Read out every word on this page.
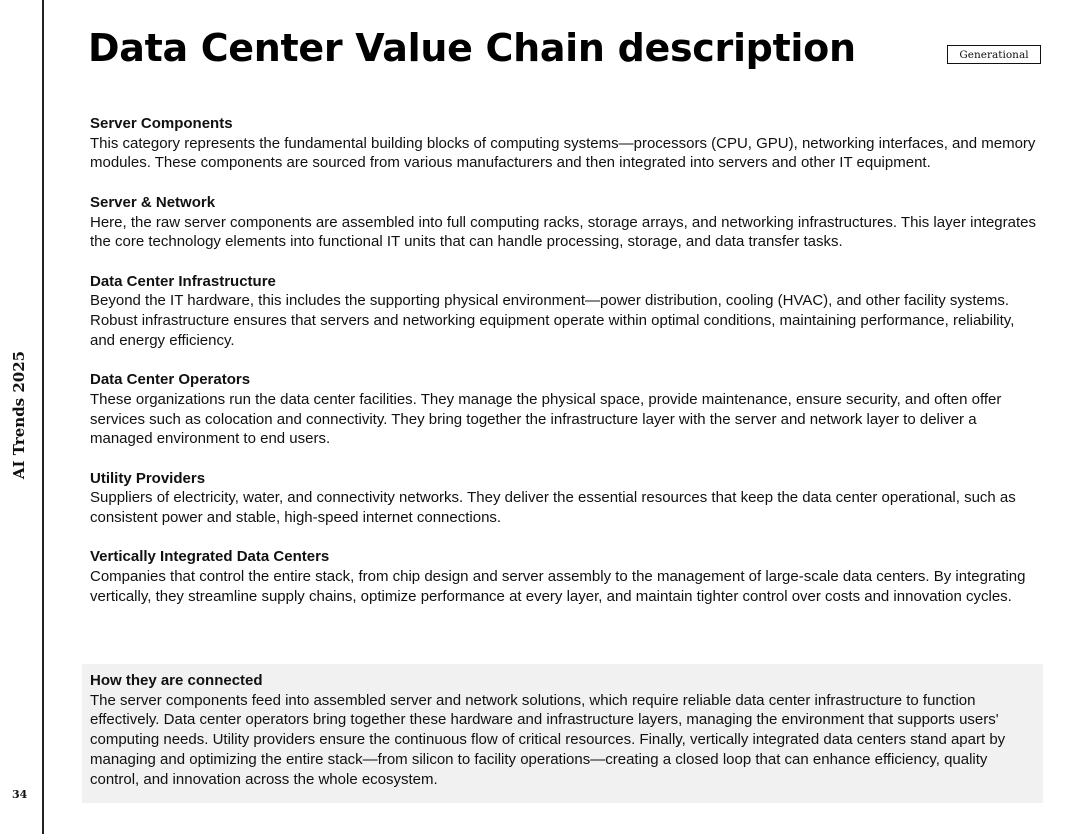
AI Trends 2025
34
Data Center Value Chain description	Generational
Server Components
This category represents the fundamental building blocks of computing systems—processors (CPU, GPU), networking interfaces, and memory modules. These components are sourced from various manufacturers and then integrated into servers and other IT equipment.
Server & Network
Here, the raw server components are assembled into full computing racks, storage arrays, and networking infrastructures. This layer integrates the core technology elements into functional IT units that can handle processing, storage, and data transfer tasks.
Data Center Infrastructure
Beyond the IT hardware, this includes the supporting physical environment—power distribution, cooling (HVAC), and other facility systems. Robust infrastructure ensures that servers and networking equipment operate within optimal conditions, maintaining performance, reliability, and energy efficiency.
Data Center Operators
These organizations run the data center facilities. They manage the physical space, provide maintenance, ensure security, and often offer services such as colocation and connectivity. They bring together the infrastructure layer with the server and network layer to deliver a managed environment to end users.
Utility Providers
Suppliers of electricity, water, and connectivity networks. They deliver the essential resources that keep the data center operational, such as consistent power and stable, high-speed internet connections.
Vertically Integrated Data Centers
Companies that control the entire stack, from chip design and server assembly to the management of large-scale data centers. By integrating vertically, they streamline supply chains, optimize performance at every layer, and maintain tighter control over costs and innovation cycles.
How they are connected
The server components feed into assembled server and network solutions, which require reliable data center infrastructure to function effectively. Data center operators bring together these hardware and infrastructure layers, managing the environment that supports users' computing needs. Utility providers ensure the continuous flow of critical resources. Finally, vertically integrated data centers stand apart by managing and optimizing the entire stack—from silicon to facility operations—creating a closed loop that can enhance efficiency, quality control, and innovation across the whole ecosystem.
